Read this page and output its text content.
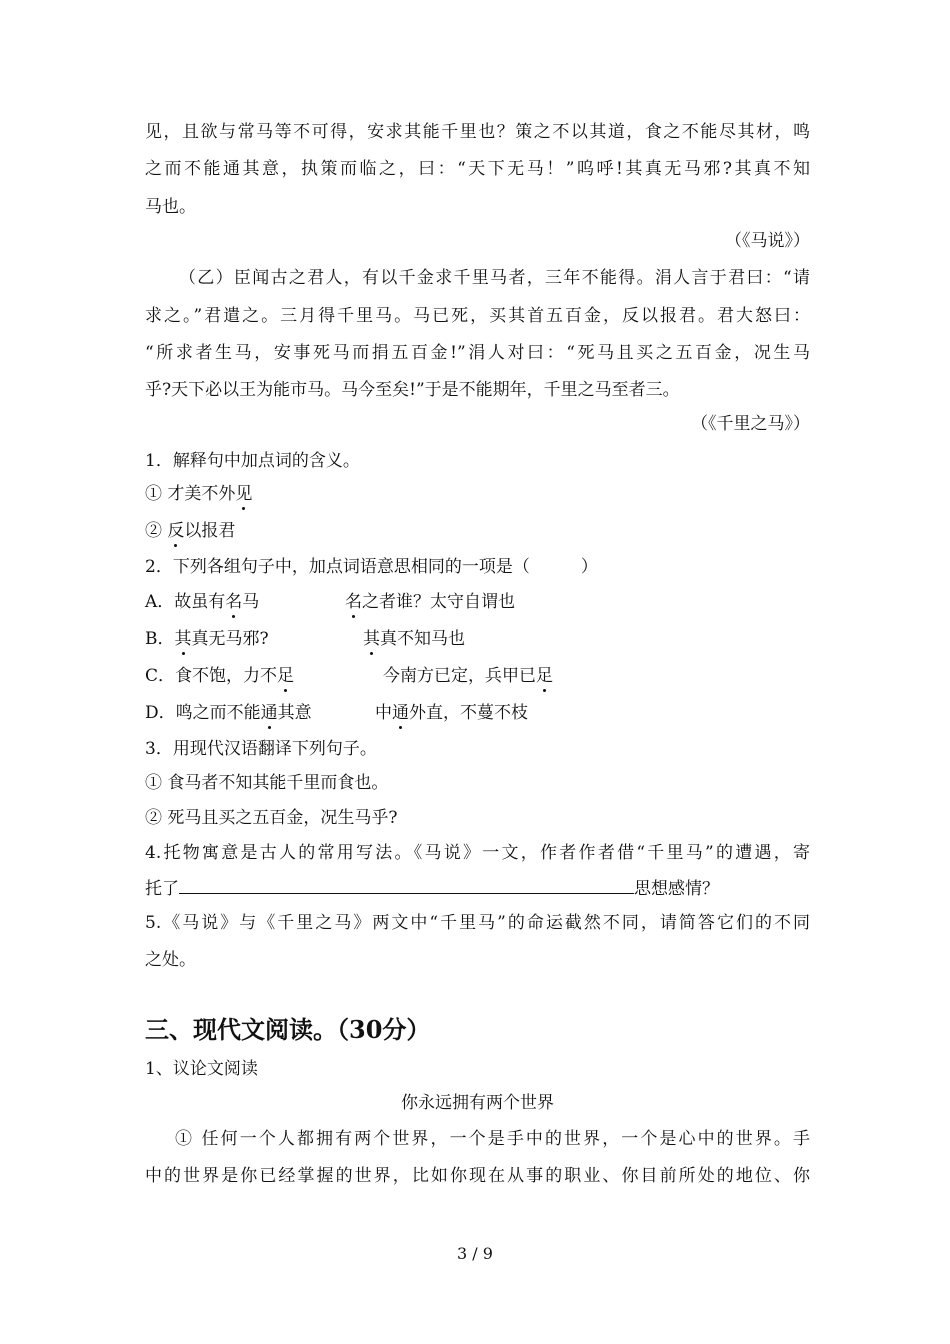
见，且欲与常马等不可得，安求其能千里也？策之不以其道，食之不能尽其材，鸣
之而不能通其意，执策而临之，曰：“天下无马！”呜呼!其真无马邪?其真不知
马也。
（《马说》）
（乙）臣闻古之君人，有以千金求千里马者，三年不能得。涓人言于君曰：“请
求之。”君遣之。三月得千里马。马已死，买其首五百金，反以报君。君大怒曰：
“所求者生马，安事死马而捐五百金!”涓人对曰：“死马且买之五百金，况生马
乎?天下必以王为能市马。马今至矣!”于是不能期年，千里之马至者三。
（《千里之马》）
1．解释句中加点词的含义。
① 才美不外见
② 反以报君
2．下列各组句子中，加点词语意思相同的一项是（　　　）
A．故虽有名马	名之者谁？太守自谓也
B．其真无马邪?	其真不知马也
C．食不饱，力不足	今南方已定，兵甲已足
D．鸣之而不能通其意	中通外直，不蔓不枝
3．用现代汉语翻译下列句子。
① 食马者不知其能千里而食也。
② 死马且买之五百金，况生马乎?
4.托物寓意是古人的常用写法。《马说》一文，作者作者借“千里马”的遭遇，寄
托了	思想感情？
5.《马说》与《千里之马》两文中“千里马”的命运截然不同，请简答它们的不同
之处。
三、现代文阅读。（30分）
1、议论文阅读
你永远拥有两个世界
① 任何一个人都拥有两个世界，一个是手中的世界，一个是心中的世界。手
中的世界是你已经掌握的世界，比如你现在从事的职业、你目前所处的地位、你
3 / 9
